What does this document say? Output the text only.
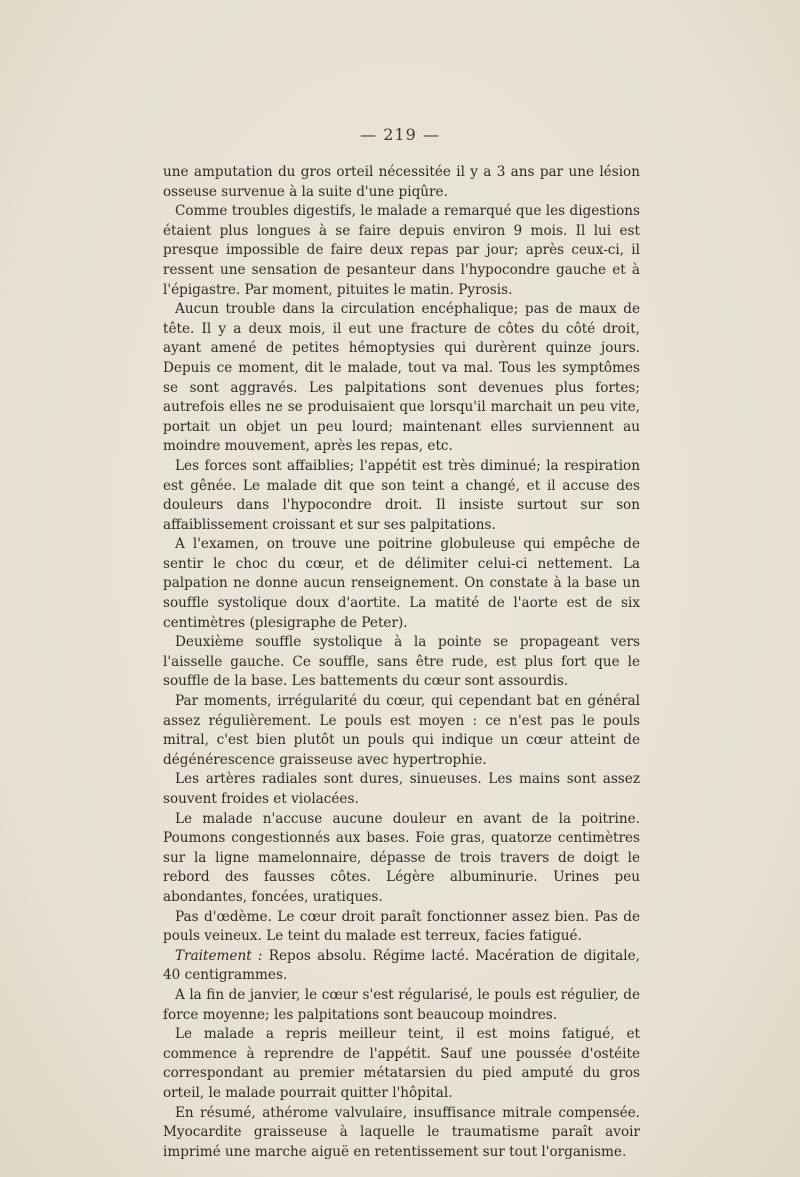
— 219 —

une amputation du gros orteil nécessitée il y a 3 ans par une lésion osseuse survenue à la suite d'une piqûre.

Comme troubles digestifs, le malade a remarqué que les digestions étaient plus longues à se faire depuis environ 9 mois. Il lui est presque impossible de faire deux repas par jour; après ceux-ci, il ressent une sensation de pesanteur dans l'hypocondre gauche et à l'épigastre. Par moment, pituites le matin. Pyrosis.

Aucun trouble dans la circulation encéphalique; pas de maux de tête. Il y a deux mois, il eut une fracture de côtes du côté droit, ayant amené de petites hémoptysies qui durèrent quinze jours. Depuis ce moment, dit le malade, tout va mal. Tous les symptômes se sont aggravés. Les palpitations sont devenues plus fortes; autrefois elles ne se produisaient que lorsqu'il marchait un peu vite, portait un objet un peu lourd; maintenant elles surviennent au moindre mouvement, après les repas, etc.

Les forces sont affaiblies; l'appétit est très diminué; la respiration est gênée. Le malade dit que son teint a changé, et il accuse des douleurs dans l'hypocondre droit. Il insiste surtout sur son affaiblissement croissant et sur ses palpitations.

A l'examen, on trouve une poitrine globuleuse qui empêche de sentir le choc du cœur, et de délimiter celui-ci nettement. La palpation ne donne aucun renseignement. On constate à la base un souffle systolique doux d'aortite. La matité de l'aorte est de six centimètres (plesigraphe de Peter).

Deuxième souffle systolique à la pointe se propageant vers l'aisselle gauche. Ce souffle, sans être rude, est plus fort que le souffle de la base. Les battements du cœur sont assourdis.

Par moments, irrégularité du cœur, qui cependant bat en général assez régulièrement. Le pouls est moyen : ce n'est pas le pouls mitral, c'est bien plutôt un pouls qui indique un cœur atteint de dégénérescence graisseuse avec hypertrophie.

Les artères radiales sont dures, sinueuses. Les mains sont assez souvent froides et violacées.

Le malade n'accuse aucune douleur en avant de la poitrine. Poumons congestionnés aux bases. Foie gras, quatorze centimètres sur la ligne mamelonnaire, dépasse de trois travers de doigt le rebord des fausses côtes. Légère albuminurie. Urines peu abondantes, foncées, uratiques.

Pas d'œdème. Le cœur droit paraît fonctionner assez bien. Pas de pouls veineux. Le teint du malade est terreux, facies fatigué.

Traitement : Repos absolu. Régime lacté. Macération de digitale, 40 centigrammes.

A la fin de janvier, le cœur s'est régularisé, le pouls est régulier, de force moyenne; les palpitations sont beaucoup moindres.

Le malade a repris meilleur teint, il est moins fatigué, et commence à reprendre de l'appétit. Sauf une poussée d'ostéite correspondant au premier métatarsien du pied amputé du gros orteil, le malade pourrait quitter l'hôpital.

En résumé, athérome valvulaire, insuffisance mitrale compensée. Myocardite graisseuse à laquelle le traumatisme paraît avoir imprimé une marche aiguë en retentissement sur tout l'organisme.
